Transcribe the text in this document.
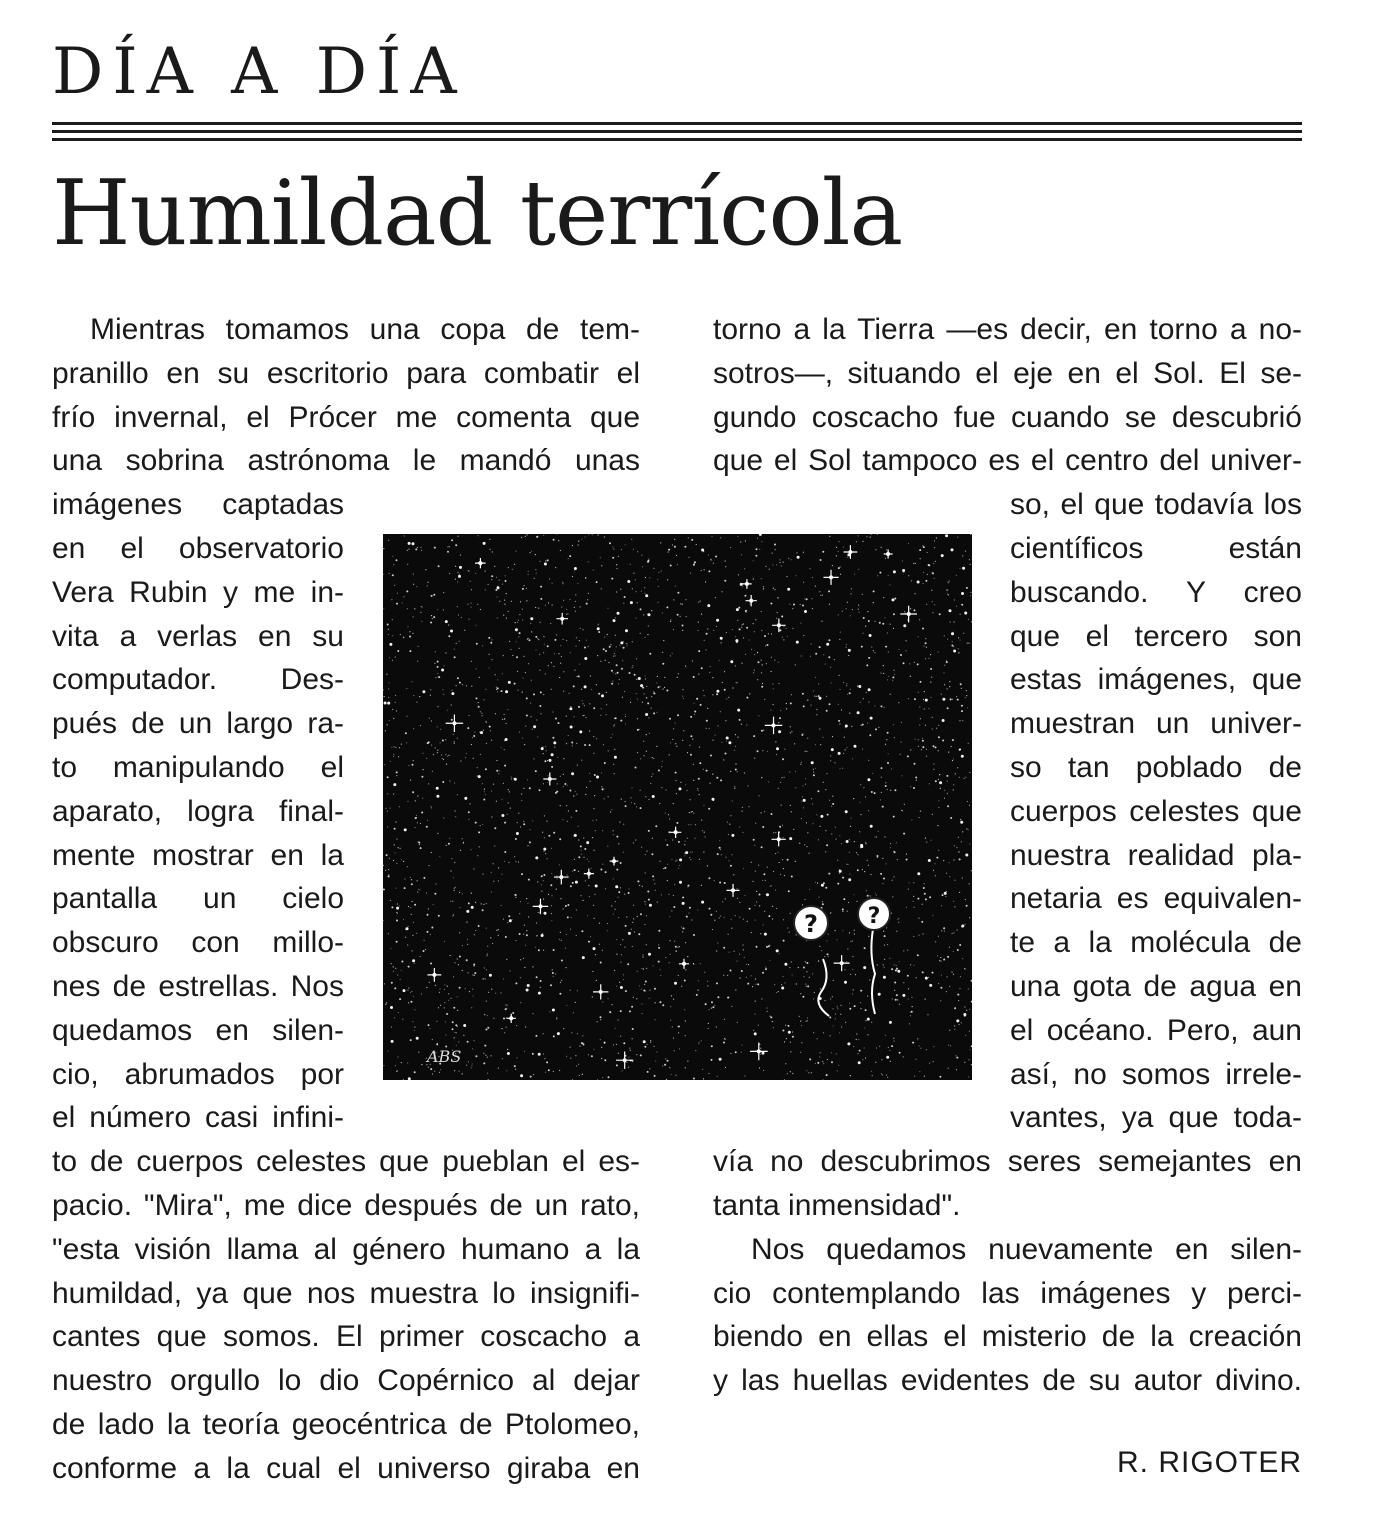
DÍA A DÍA
Humildad terrícola
Mientras tomamos una copa de tem-
pranillo en su escritorio para combatir el
frío invernal, el Prócer me comenta que
una sobrina astrónoma le mandó unas
imágenes captadas
en el observatorio
Vera Rubin y me in-
vita a verlas en su
computador. Des-
pués de un largo ra-
to manipulando el
aparato, logra final-
mente mostrar en la
pantalla un cielo
obscuro con millo-
nes de estrellas. Nos
quedamos en silen-
cio, abrumados por
el número casi infini-
to de cuerpos celestes que pueblan el es-
pacio. "Mira", me dice después de un rato,
"esta visión llama al género humano a la
humildad, ya que nos muestra lo insignifi-
cantes que somos. El primer coscacho a
nuestro orgullo lo dio Copérnico al dejar
de lado la teoría geocéntrica de Ptolomeo,
conforme a la cual el universo giraba en
torno a la Tierra —es decir, en torno a no-
sotros—, situando el eje en el Sol. El se-
gundo coscacho fue cuando se descubrió
que el Sol tampoco es el centro del univer-
so, el que todavía los
científicos están
buscando. Y creo
que el tercero son
estas imágenes, que
muestran un univer-
so tan poblado de
cuerpos celestes que
nuestra realidad pla-
netaria es equivalen-
te a la molécula de
una gota de agua en
el océano. Pero, aun
así, no somos irrele-
vantes, ya que toda-
vía no descubrimos seres semejantes en
tanta inmensidad".
Nos quedamos nuevamente en silen-
cio contemplando las imágenes y perci-
biendo en ellas el misterio de la creación
y las huellas evidentes de su autor divino.
? ?
ABS
R. RIGOTER
